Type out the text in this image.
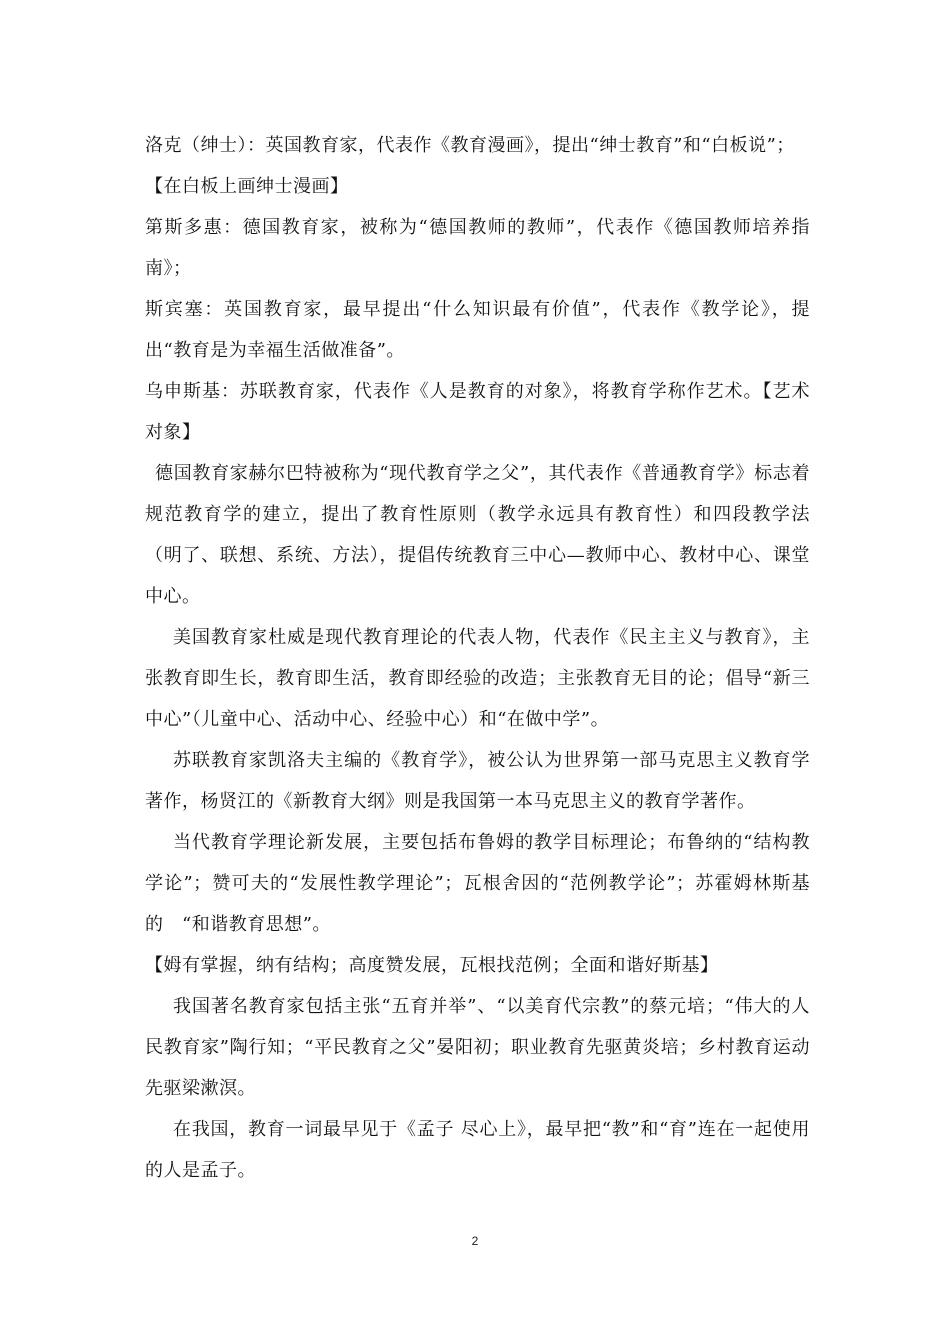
洛克（绅士）：英国教育家，代表作《教育漫画》，提出“绅士教育”和“白板说”；

【在白板上画绅士漫画】

第斯多惠：德国教育家，被称为“德国教师的教师”，代表作《德国教师培养指南》；

斯宾塞：英国教育家，最早提出“什么知识最有价值”，代表作《教学论》，提出“教育是为幸福生活做准备”。

乌申斯基：苏联教育家，代表作《人是教育的对象》，将教育学称作艺术。【艺术对象】

德国教育家赫尔巴特被称为“现代教育学之父”，其代表作《普通教育学》标志着规范教育学的建立，提出了教育性原则（教学永远具有教育性）和四段教学法（明了、联想、系统、方法），提倡传统教育三中心—教师中心、教材中心、课堂中心。

美国教育家杜威是现代教育理论的代表人物，代表作《民主主义与教育》，主张教育即生长，教育即生活，教育即经验的改造；主张教育无目的论；倡导“新三中心”（儿童中心、活动中心、经验中心）和“在做中学”。

苏联教育家凯洛夫主编的《教育学》，被公认为世界第一部马克思主义教育学著作，杨贤江的《新教育大纲》则是我国第一本马克思主义的教育学著作。

当代教育学理论新发展，主要包括布鲁姆的教学目标理论；布鲁纳的“结构教学论”；赞可夫的“发展性教学理论”；瓦根舍因的“范例教学论”；苏霍姆林斯基的　“和谐教育思想”。

【姆有掌握，纳有结构；高度赞发展，瓦根找范例；全面和谐好斯基】

我国著名教育家包括主张“五育并举”、“以美育代宗教”的蔡元培；“伟大的人民教育家”陶行知；“平民教育之父”晏阳初；职业教育先驱黄炎培；乡村教育运动先驱梁漱溟。

在我国，教育一词最早见于《孟子 尽心上》，最早把“教”和“育”连在一起使用的人是孟子。

2
